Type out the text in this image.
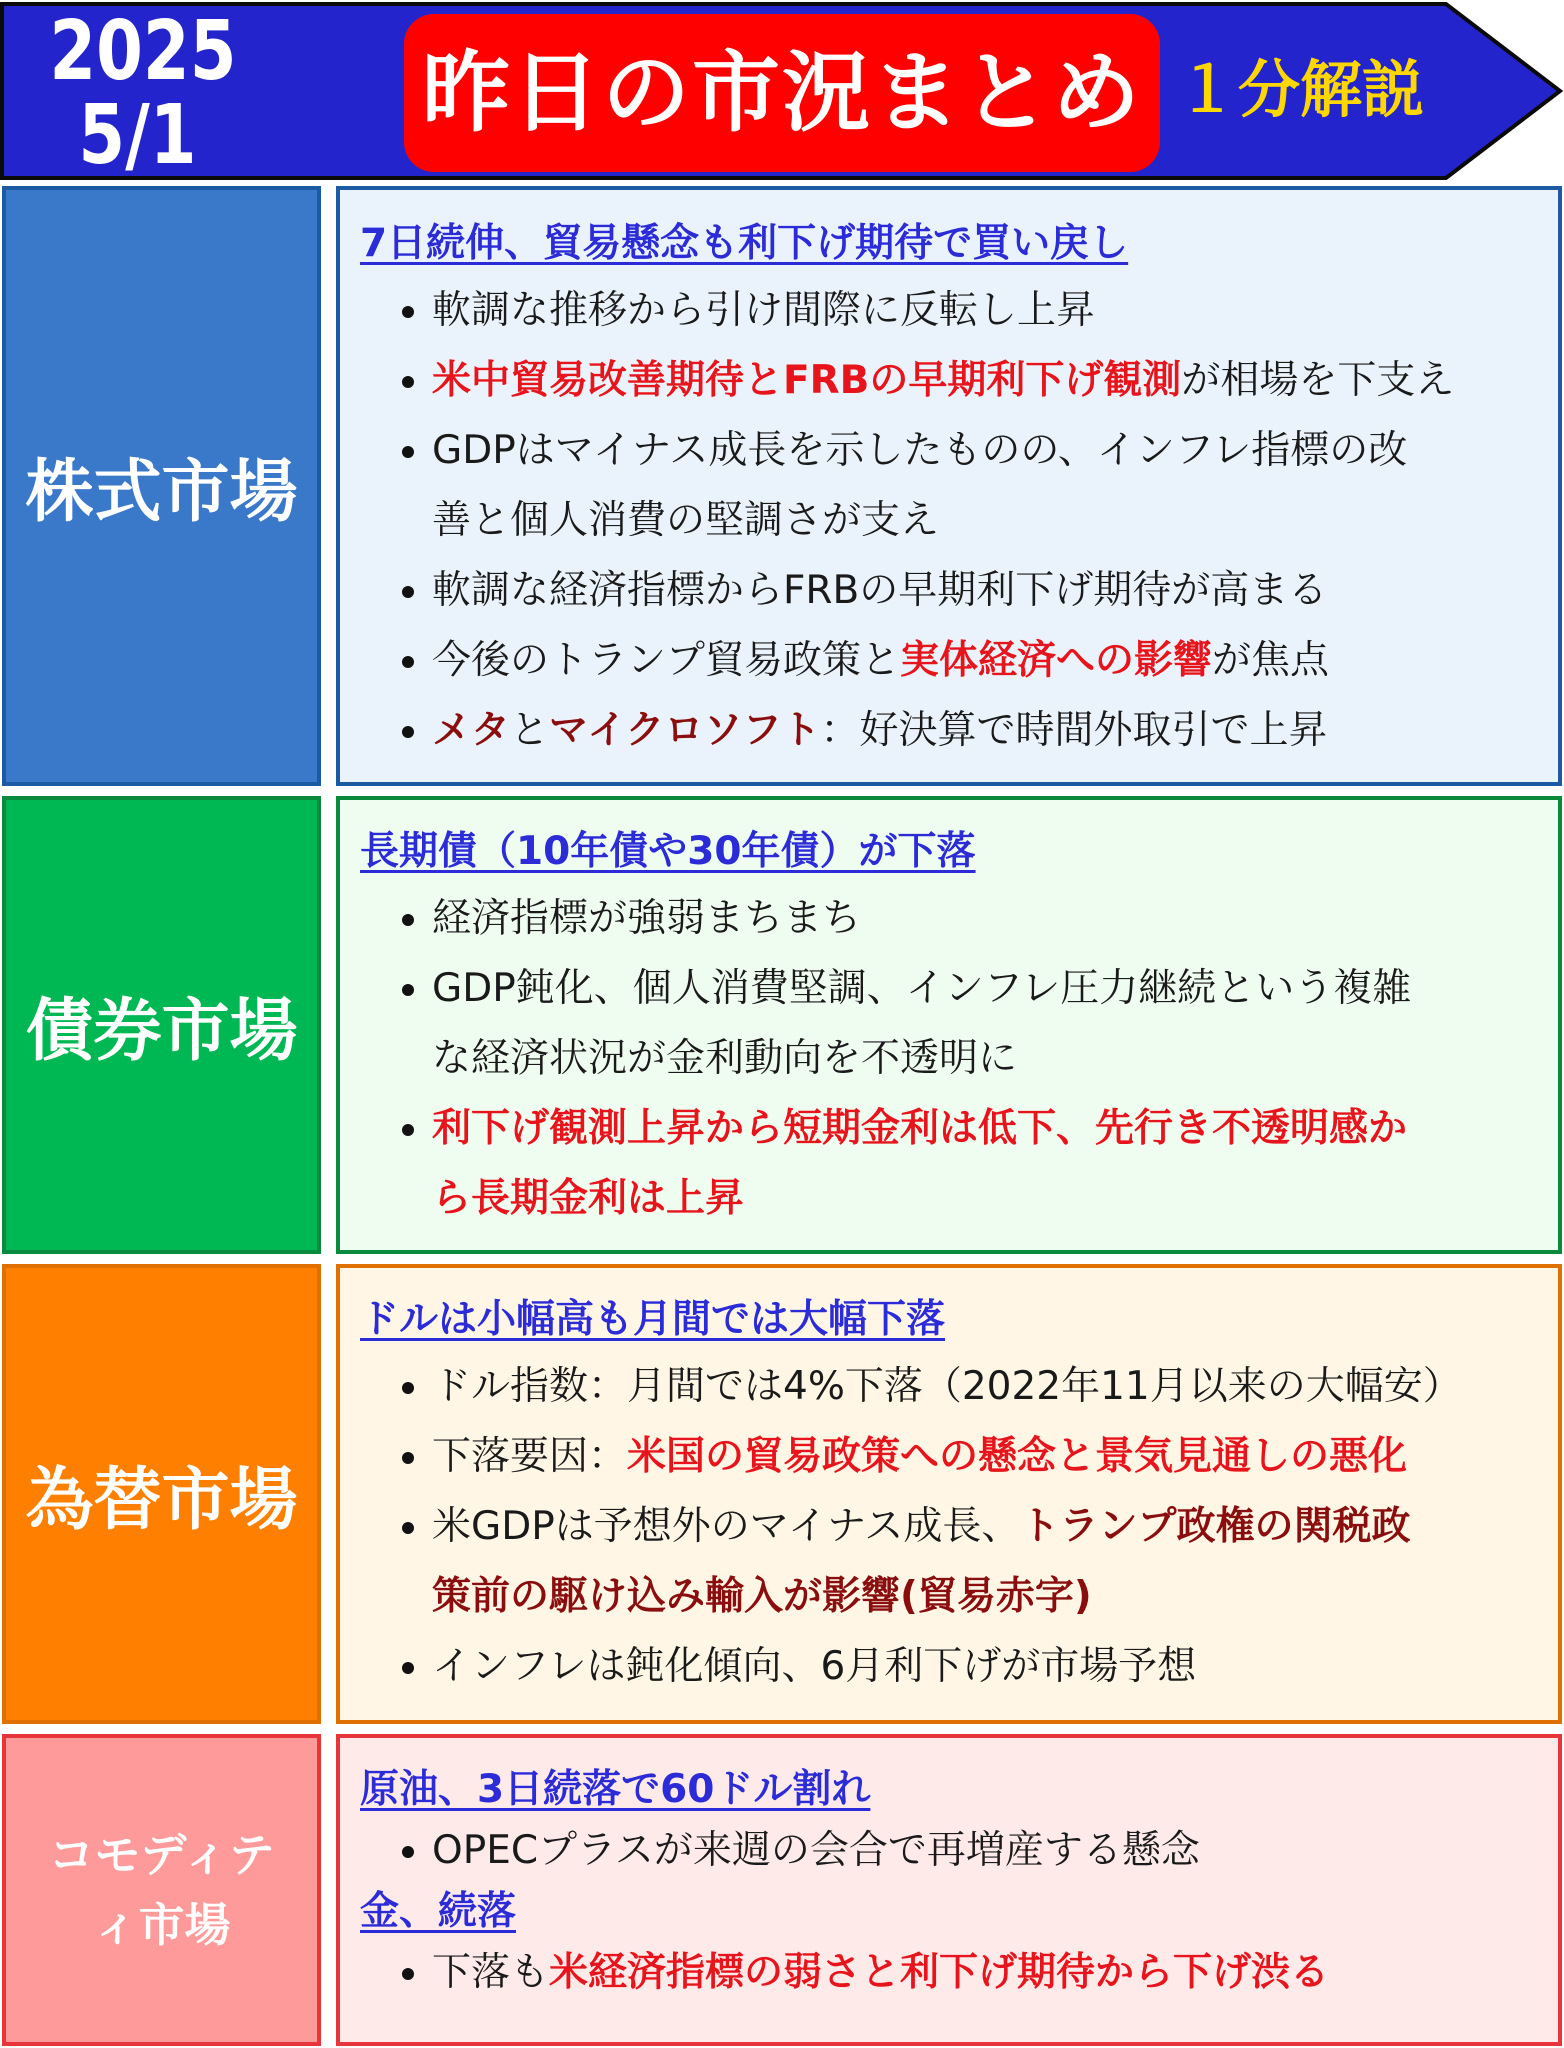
2025
5/1	昨日の市況まとめ １分解説
株式市場
7日続伸、貿易懸念も利下げ期待で買い戻し
軟調な推移から引け間際に反転し上昇
米中貿易改善期待とFRBの早期利下げ観測が相場を下支え
GDPはマイナス成長を示したものの、インフレ指標の改
善と個人消費の堅調さが支え
軟調な経済指標からFRBの早期利下げ期待が高まる
今後のトランプ貿易政策と実体経済への影響が焦点
メタとマイクロソフト：好決算で時間外取引で上昇
債券市場
長期債（10年債や30年債）が下落
経済指標が強弱まちまち
GDP鈍化、個人消費堅調、インフレ圧力継続という複雑
な経済状況が金利動向を不透明に
利下げ観測上昇から短期金利は低下、先行き不透明感か
ら長期金利は上昇
為替市場
ドルは小幅高も月間では大幅下落
ドル指数：月間では4%下落（2022年11月以来の大幅安）
下落要因：米国の貿易政策への懸念と景気見通しの悪化
米GDPは予想外のマイナス成長、トランプ政権の関税政
策前の駆け込み輸入が影響(貿易赤字)
インフレは鈍化傾向、6月利下げが市場予想
コモディテ
ィ市場
原油、3日続落で60ドル割れ
OPECプラスが来週の会合で再増産する懸念
金、続落
下落も米経済指標の弱さと利下げ期待から下げ渋る
